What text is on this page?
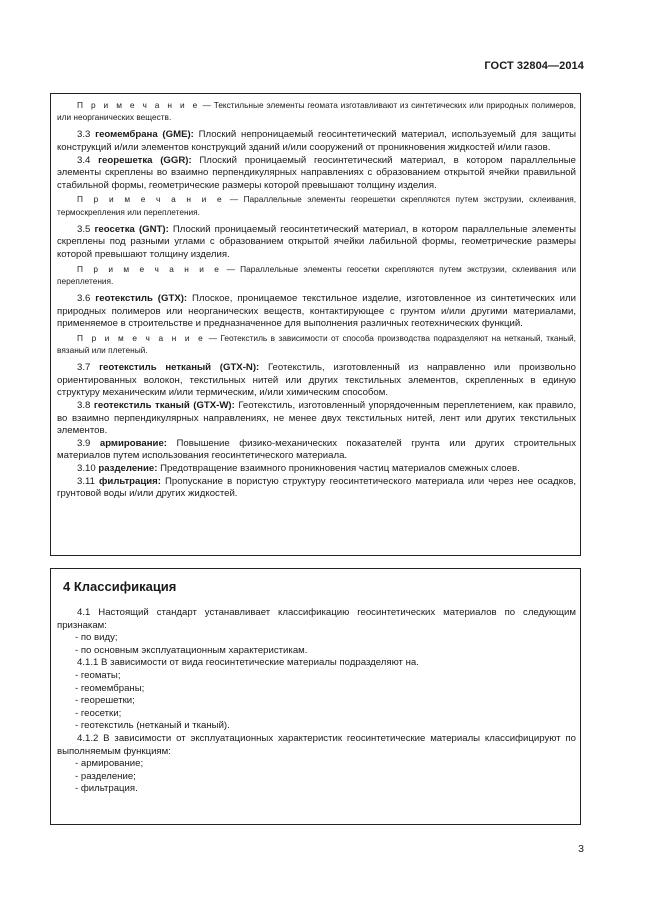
ГОСТ 32804—2014

П р и м е ч а н и е — Текстильные элементы геомата изготавливают из синтетических или природных полимеров, или неорганических веществ.

3.3 геомембрана (GME): Плоский непроницаемый геосинтетический материал, используемый для защиты конструкций и/или элементов конструкций зданий и/или сооружений от проникновения жидкостей и/или газов.

3.4 георешетка (GGR): Плоский проницаемый геосинтетический материал, в котором параллельные элементы скреплены во взаимно перпендикулярных направлениях с образованием открытой ячейки правильной стабильной формы, геометрические размеры которой превышают толщину изделия.

П р и м е ч а н и е — Параллельные элементы георешетки скрепляются путем экструзии, склеивания, термоскрепления или переплетения.

3.5 геосетка (GNT): Плоский проницаемый геосинтетический материал, в котором параллельные элементы скреплены под разными углами с образованием открытой ячейки лабильной формы, геометрические размеры которой превышают толщину изделия.

П р и м е ч а н и е — Параллельные элементы геосетки скрепляются путем экструзии, склеивания или переплетения.

3.6 геотекстиль (GTX): Плоское, проницаемое текстильное изделие, изготовленное из синтетических или природных полимеров или неорганических веществ, контактирующее с грунтом и/или другими материалами, применяемое в строительстве и предназначенное для выполнения различных геотехнических функций.

П р и м е ч а н и е — Геотекстиль в зависимости от способа производства подразделяют на нетканый, тканый, вязаный или плетеный.

3.7 геотекстиль нетканый (GTX-N): Геотекстиль, изготовленный из направленно или произвольно ориентированных волокон, текстильных нитей или других текстильных элементов, скрепленных в единую структуру механическим и/или термическим, и/или химическим способом.

3.8 геотекстиль тканый (GTX-W): Геотекстиль, изготовленный упорядоченным переплетением, как правило, во взаимно перпендикулярных направлениях, не менее двух текстильных нитей, лент или других текстильных элементов.

3.9 армирование: Повышение физико-механических показателей грунта или других строительных материалов путем использования геосинтетического материала.

3.10 разделение: Предотвращение взаимного проникновения частиц материалов смежных слоев.

3.11 фильтрация: Пропускание в пористую структуру геосинтетического материала или через нее осадков, грунтовой воды и/или других жидкостей.

4 Классификация

4.1 Настоящий стандарт устанавливает классификацию геосинтетических материалов по следующим признакам:

- по виду;

- по основным эксплуатационным характеристикам.

4.1.1 В зависимости от вида геосинтетические материалы подразделяют на.

- геоматы;

- геомембраны;

- георешетки;

- геосетки;

- геотекстиль (нетканый и тканый).

4.1.2 В зависимости от эксплуатационных характеристик геосинтетические материалы классифицируют по выполняемым функциям:

- армирование;

- разделение;

- фильтрация.

3
